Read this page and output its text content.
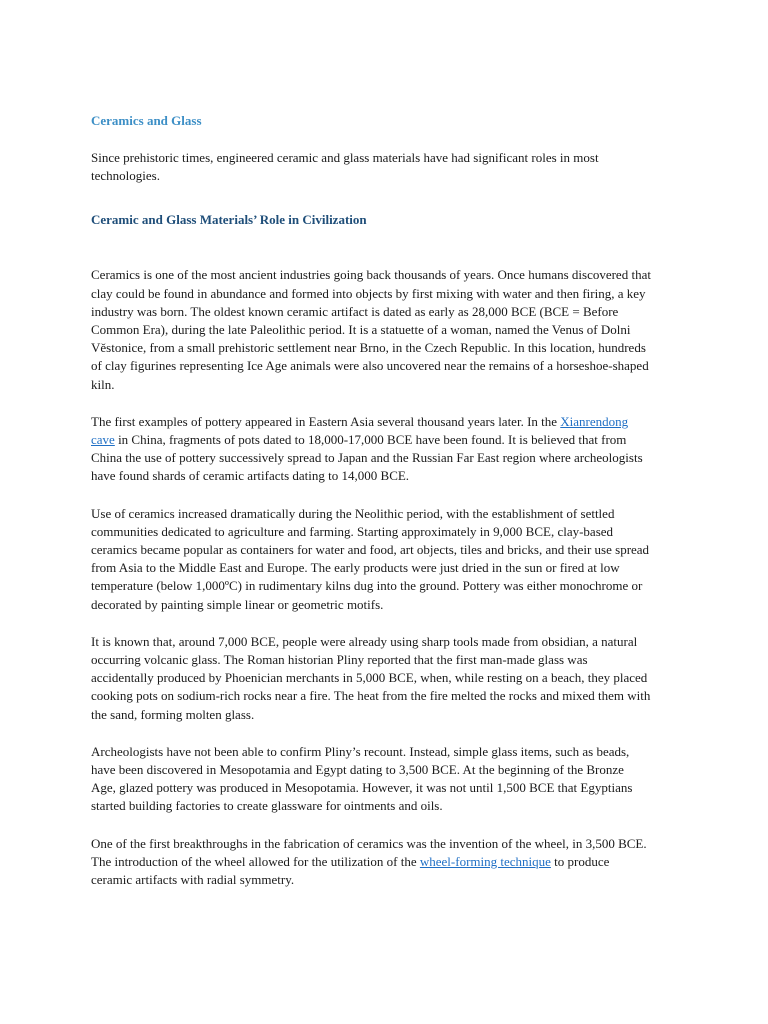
Ceramics and Glass

Since prehistoric times, engineered ceramic and glass materials have had significant roles in most technologies.

Ceramic and Glass Materials’ Role in Civilization

Ceramics is one of the most ancient industries going back thousands of years. Once humans discovered that clay could be found in abundance and formed into objects by first mixing with water and then firing, a key industry was born. The oldest known ceramic artifact is dated as early as 28,000 BCE (BCE = Before Common Era), during the late Paleolithic period. It is a statuette of a woman, named the Venus of Dolni Věstonice, from a small prehistoric settlement near Brno, in the Czech Republic. In this location, hundreds of clay figurines representing Ice Age animals were also uncovered near the remains of a horseshoe-shaped kiln.

The first examples of pottery appeared in Eastern Asia several thousand years later. In the Xianrendong cave in China, fragments of pots dated to 18,000-17,000 BCE have been found. It is believed that from China the use of pottery successively spread to Japan and the Russian Far East region where archeologists have found shards of ceramic artifacts dating to 14,000 BCE.

Use of ceramics increased dramatically during the Neolithic period, with the establishment of settled communities dedicated to agriculture and farming. Starting approximately in 9,000 BCE, clay-based ceramics became popular as containers for water and food, art objects, tiles and bricks, and their use spread from Asia to the Middle East and Europe. The early products were just dried in the sun or fired at low temperature (below 1,000ºC) in rudimentary kilns dug into the ground. Pottery was either monochrome or decorated by painting simple linear or geometric motifs.

It is known that, around 7,000 BCE, people were already using sharp tools made from obsidian, a natural occurring volcanic glass. The Roman historian Pliny reported that the first man-made glass was accidentally produced by Phoenician merchants in 5,000 BCE, when, while resting on a beach, they placed cooking pots on sodium-rich rocks near a fire. The heat from the fire melted the rocks and mixed them with the sand, forming molten glass.

Archeologists have not been able to confirm Pliny’s recount. Instead, simple glass items, such as beads, have been discovered in Mesopotamia and Egypt dating to 3,500 BCE. At the beginning of the Bronze Age, glazed pottery was produced in Mesopotamia. However, it was not until 1,500 BCE that Egyptians started building factories to create glassware for ointments and oils.

One of the first breakthroughs in the fabrication of ceramics was the invention of the wheel, in 3,500 BCE. The introduction of the wheel allowed for the utilization of the wheel-forming technique to produce ceramic artifacts with radial symmetry.
